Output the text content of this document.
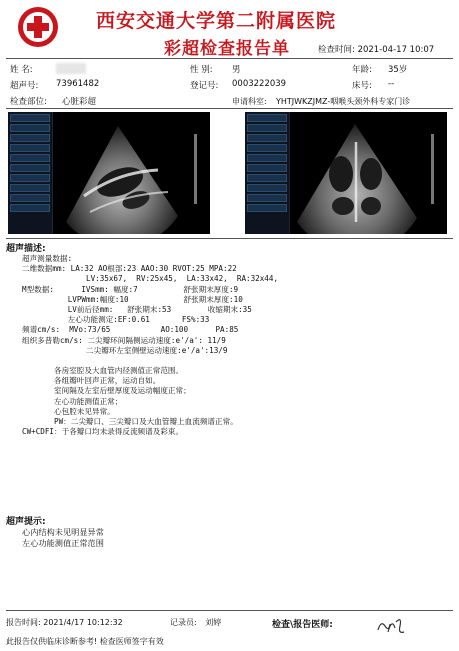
西安交通大学第二附属医院
彩超检查报告单	检查时间: 2021-04-17 10:07
姓 名:	性 别: 男	年龄: 35岁
超声号: 73961482	登记号: 0003222039	床号: --
检查部位: 心脏彩超	申请科室: YHTJWKZJMZ-咽喉头颈外科专家门诊
超声描述:
超声测量数据:
二维数据mm: LA:32 AO根部:23 AAO:30 RVOT:25 MPA:22
LV:35x67,  RV:25x45,  LA:33x42,  RA:32x44,
M型数据:      IVSmm: 幅度:7          舒张期末厚度:9
LVPWmm:幅度:10            舒张期末厚度:10
LV前后径mm:   舒张期末:53        收缩期末:35
左心功能测定:EF:0.61       FS%:33
频谱cm/s:  MVo:73/65           AO:100      PA:85
组织多普勒cm/s: 二尖瓣环间隔侧运动速度:e'/a': 11/9
二尖瓣环左室侧壁运动速度:e'/a':13/9
各房室腔及大血管内径测值正常范围。
各组瓣叶回声正常，运动自如。
室间隔及左室后壁厚度及运动幅度正常；
左心功能测值正常；
心包腔未见异常。
PW：二尖瓣口、三尖瓣口及大血管瓣上血流频谱正常。
CW+CDFI：于各瓣口均未录得反流频谱及彩束。
超声提示:
心内结构未见明显异常
左心功能测值正常范围
报告时间: 2021/4/17 10:12:32	记录员: 刘婷	检查\报告医师:
此报告仅供临床诊断参考! 检查医师签字有效
